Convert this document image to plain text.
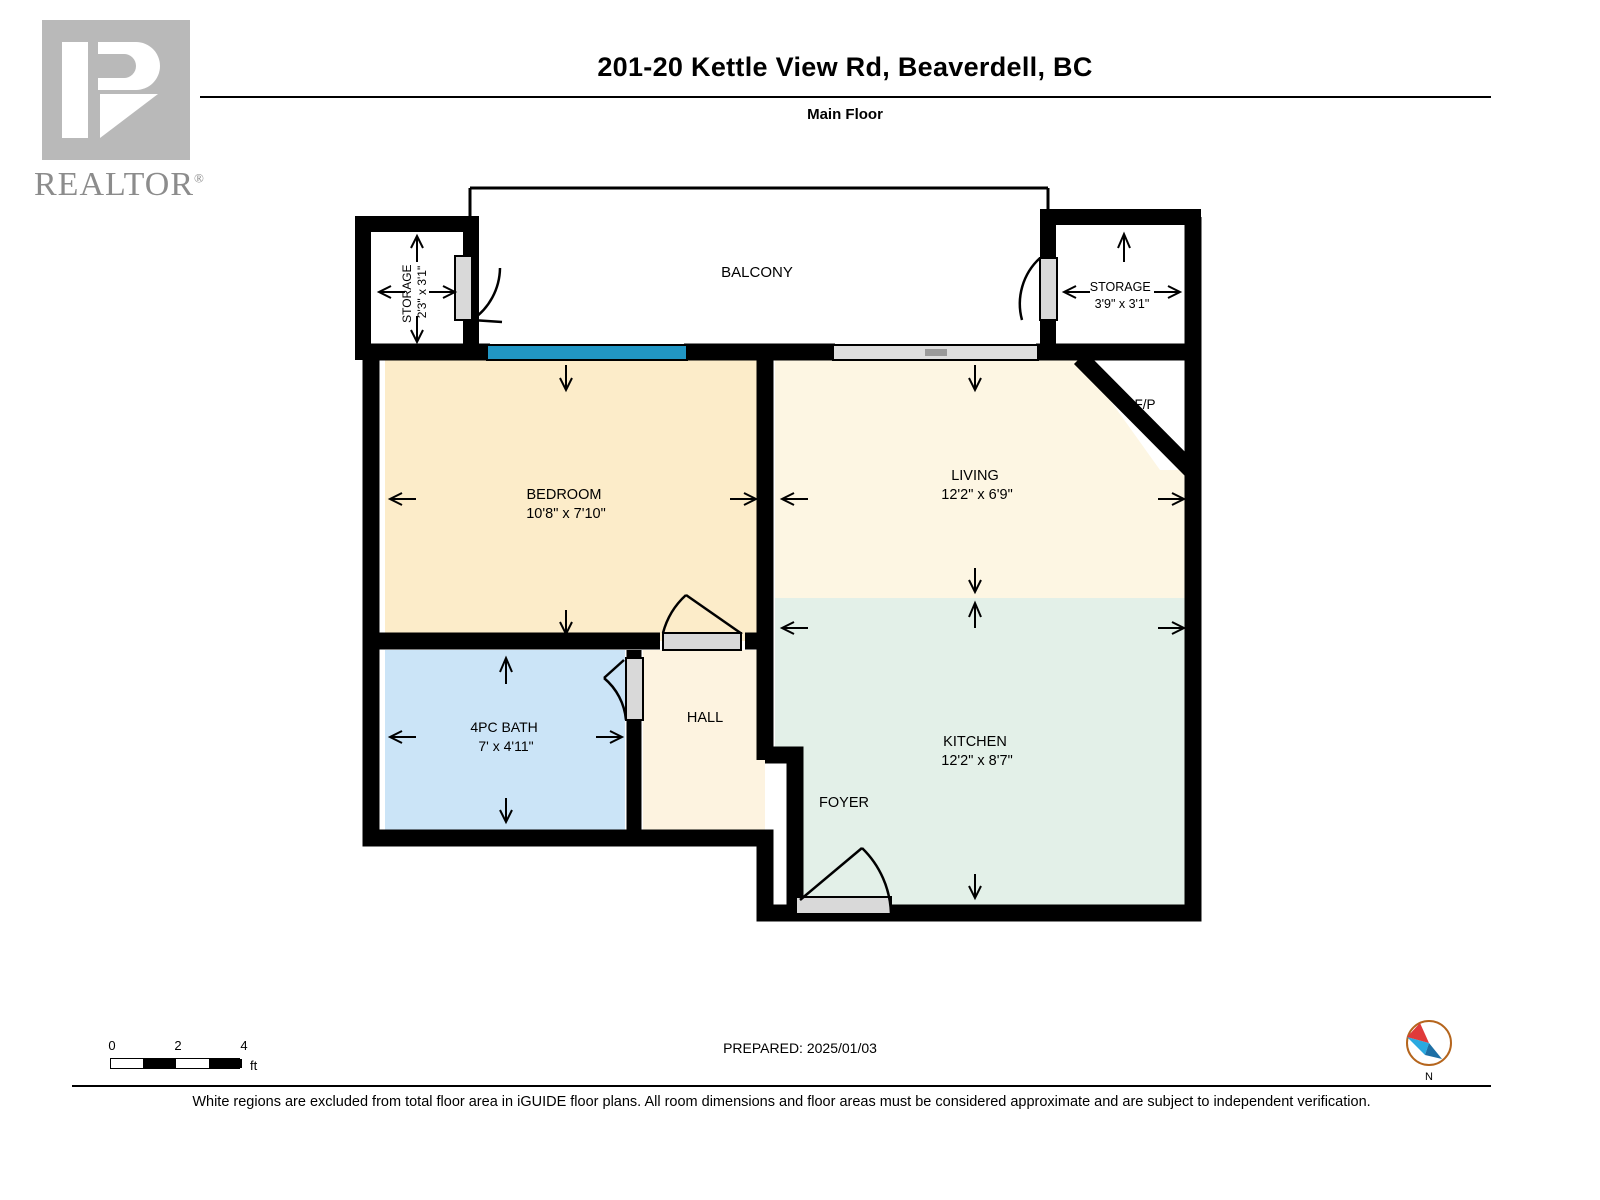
REALTOR®
201-20 Kettle View Rd, Beaverdell, BC
Main Floor
BALCONY
STORAGE 2'3" x 3'1"	STORAGE 3'9" x 3'1"
BEDROOM 10'8" x 7'10"
LIVING 12'2" x 6'9"
F/P
4PC BATH 7' x 4'11"
HALL
KITCHEN 12'2" x 8'7"
FOYER
0	2	4
ft
PREPARED: 2025/01/03
N
White regions are excluded from total floor area in iGUIDE floor plans. All room dimensions and floor areas must be considered approximate and are subject to independent verification.
